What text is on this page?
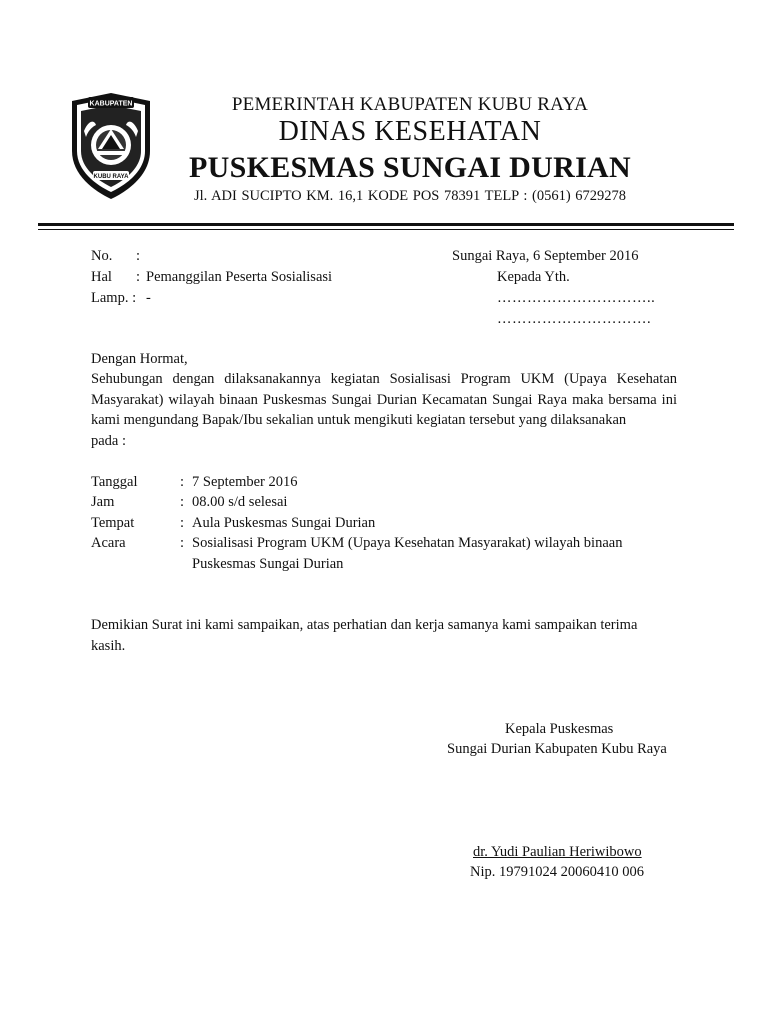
KABUPATEN
KUBU RAYA
PEMERINTAH KABUPATEN KUBU RAYA
DINAS KESEHATAN
PUSKESMAS SUNGAI DURIAN
Jl. ADI SUCIPTO KM. 16,1 KODE POS 78391 TELP : (0561) 6729278
No. :
Hal : Pemanggilan Peserta Sosialisasi
Lamp. : -
Sungai Raya, 6 September 2016
Kepada Yth.
…………………………..
………………………….
Dengan Hormat,
Sehubungan dengan dilaksanakannya kegiatan Sosialisasi Program UKM (Upaya Kesehatan Masyarakat) wilayah binaan Puskesmas Sungai Durian Kecamatan Sungai Raya maka bersama ini kami mengundang Bapak/Ibu sekalian untuk mengikuti kegiatan tersebut yang dilaksanakan
pada :
Tanggal	: 7 September 2016
Jam	: 08.00 s/d selesai
Tempat	: Aula Puskesmas Sungai Durian
Acara	: Sosialisasi Program UKM (Upaya Kesehatan Masyarakat) wilayah binaan
Puskesmas Sungai Durian
Demikian Surat ini kami sampaikan, atas perhatian dan kerja samanya kami sampaikan terima
kasih.
Kepala Puskesmas
Sungai Durian Kabupaten Kubu Raya
dr. Yudi Paulian Heriwibowo
Nip. 19791024 20060410 006
